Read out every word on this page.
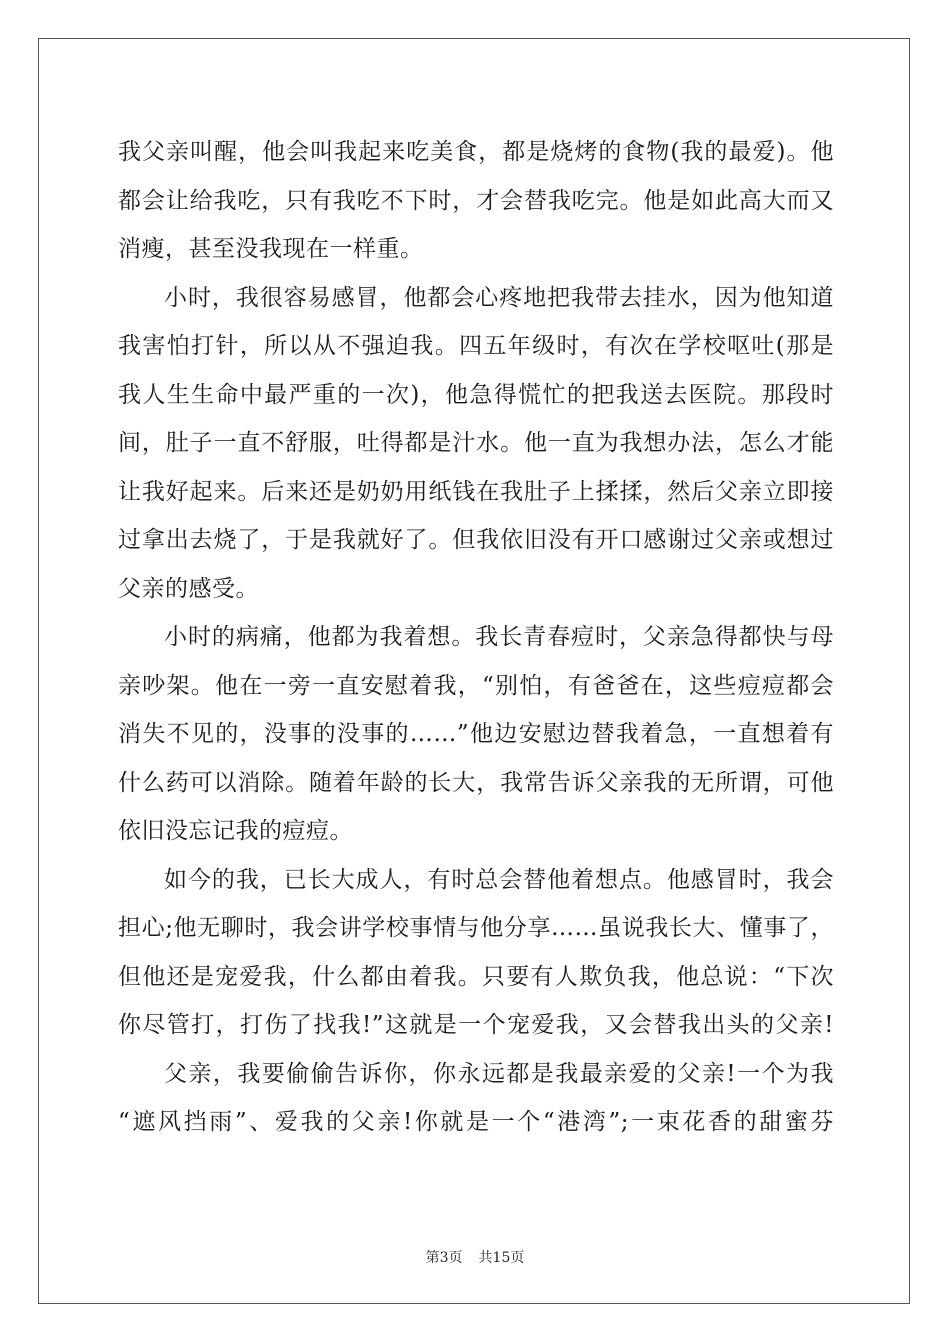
我父亲叫醒，他会叫我起来吃美食，都是烧烤的食物(我的最爱)。他
都会让给我吃，只有我吃不下时，才会替我吃完。他是如此高大而又
消瘦，甚至没我现在一样重。
小时，我很容易感冒，他都会心疼地把我带去挂水，因为他知道
我害怕打针，所以从不强迫我。四五年级时，有次在学校呕吐(那是
我人生生命中最严重的一次)，他急得慌忙的把我送去医院。那段时
间，肚子一直不舒服，吐得都是汁水。他一直为我想办法，怎么才能
让我好起来。后来还是奶奶用纸钱在我肚子上揉揉，然后父亲立即接
过拿出去烧了，于是我就好了。但我依旧没有开口感谢过父亲或想过
父亲的感受。
小时的病痛，他都为我着想。我长青春痘时，父亲急得都快与母
亲吵架。他在一旁一直安慰着我，“别怕，有爸爸在，这些痘痘都会
消失不见的，没事的没事的……”他边安慰边替我着急，一直想着有
什么药可以消除。随着年龄的长大，我常告诉父亲我的无所谓，可他
依旧没忘记我的痘痘。
如今的我，已长大成人，有时总会替他着想点。他感冒时，我会
担心;他无聊时，我会讲学校事情与他分享……虽说我长大、懂事了，
但他还是宠爱我，什么都由着我。只要有人欺负我，他总说：“下次
你尽管打，打伤了找我!”这就是一个宠爱我，又会替我出头的父亲!
父亲，我要偷偷告诉你，你永远都是我最亲爱的父亲!一个为我
“遮风挡雨”、爱我的父亲!你就是一个“港湾”;一束花香的甜蜜芬
第3页 共15页
